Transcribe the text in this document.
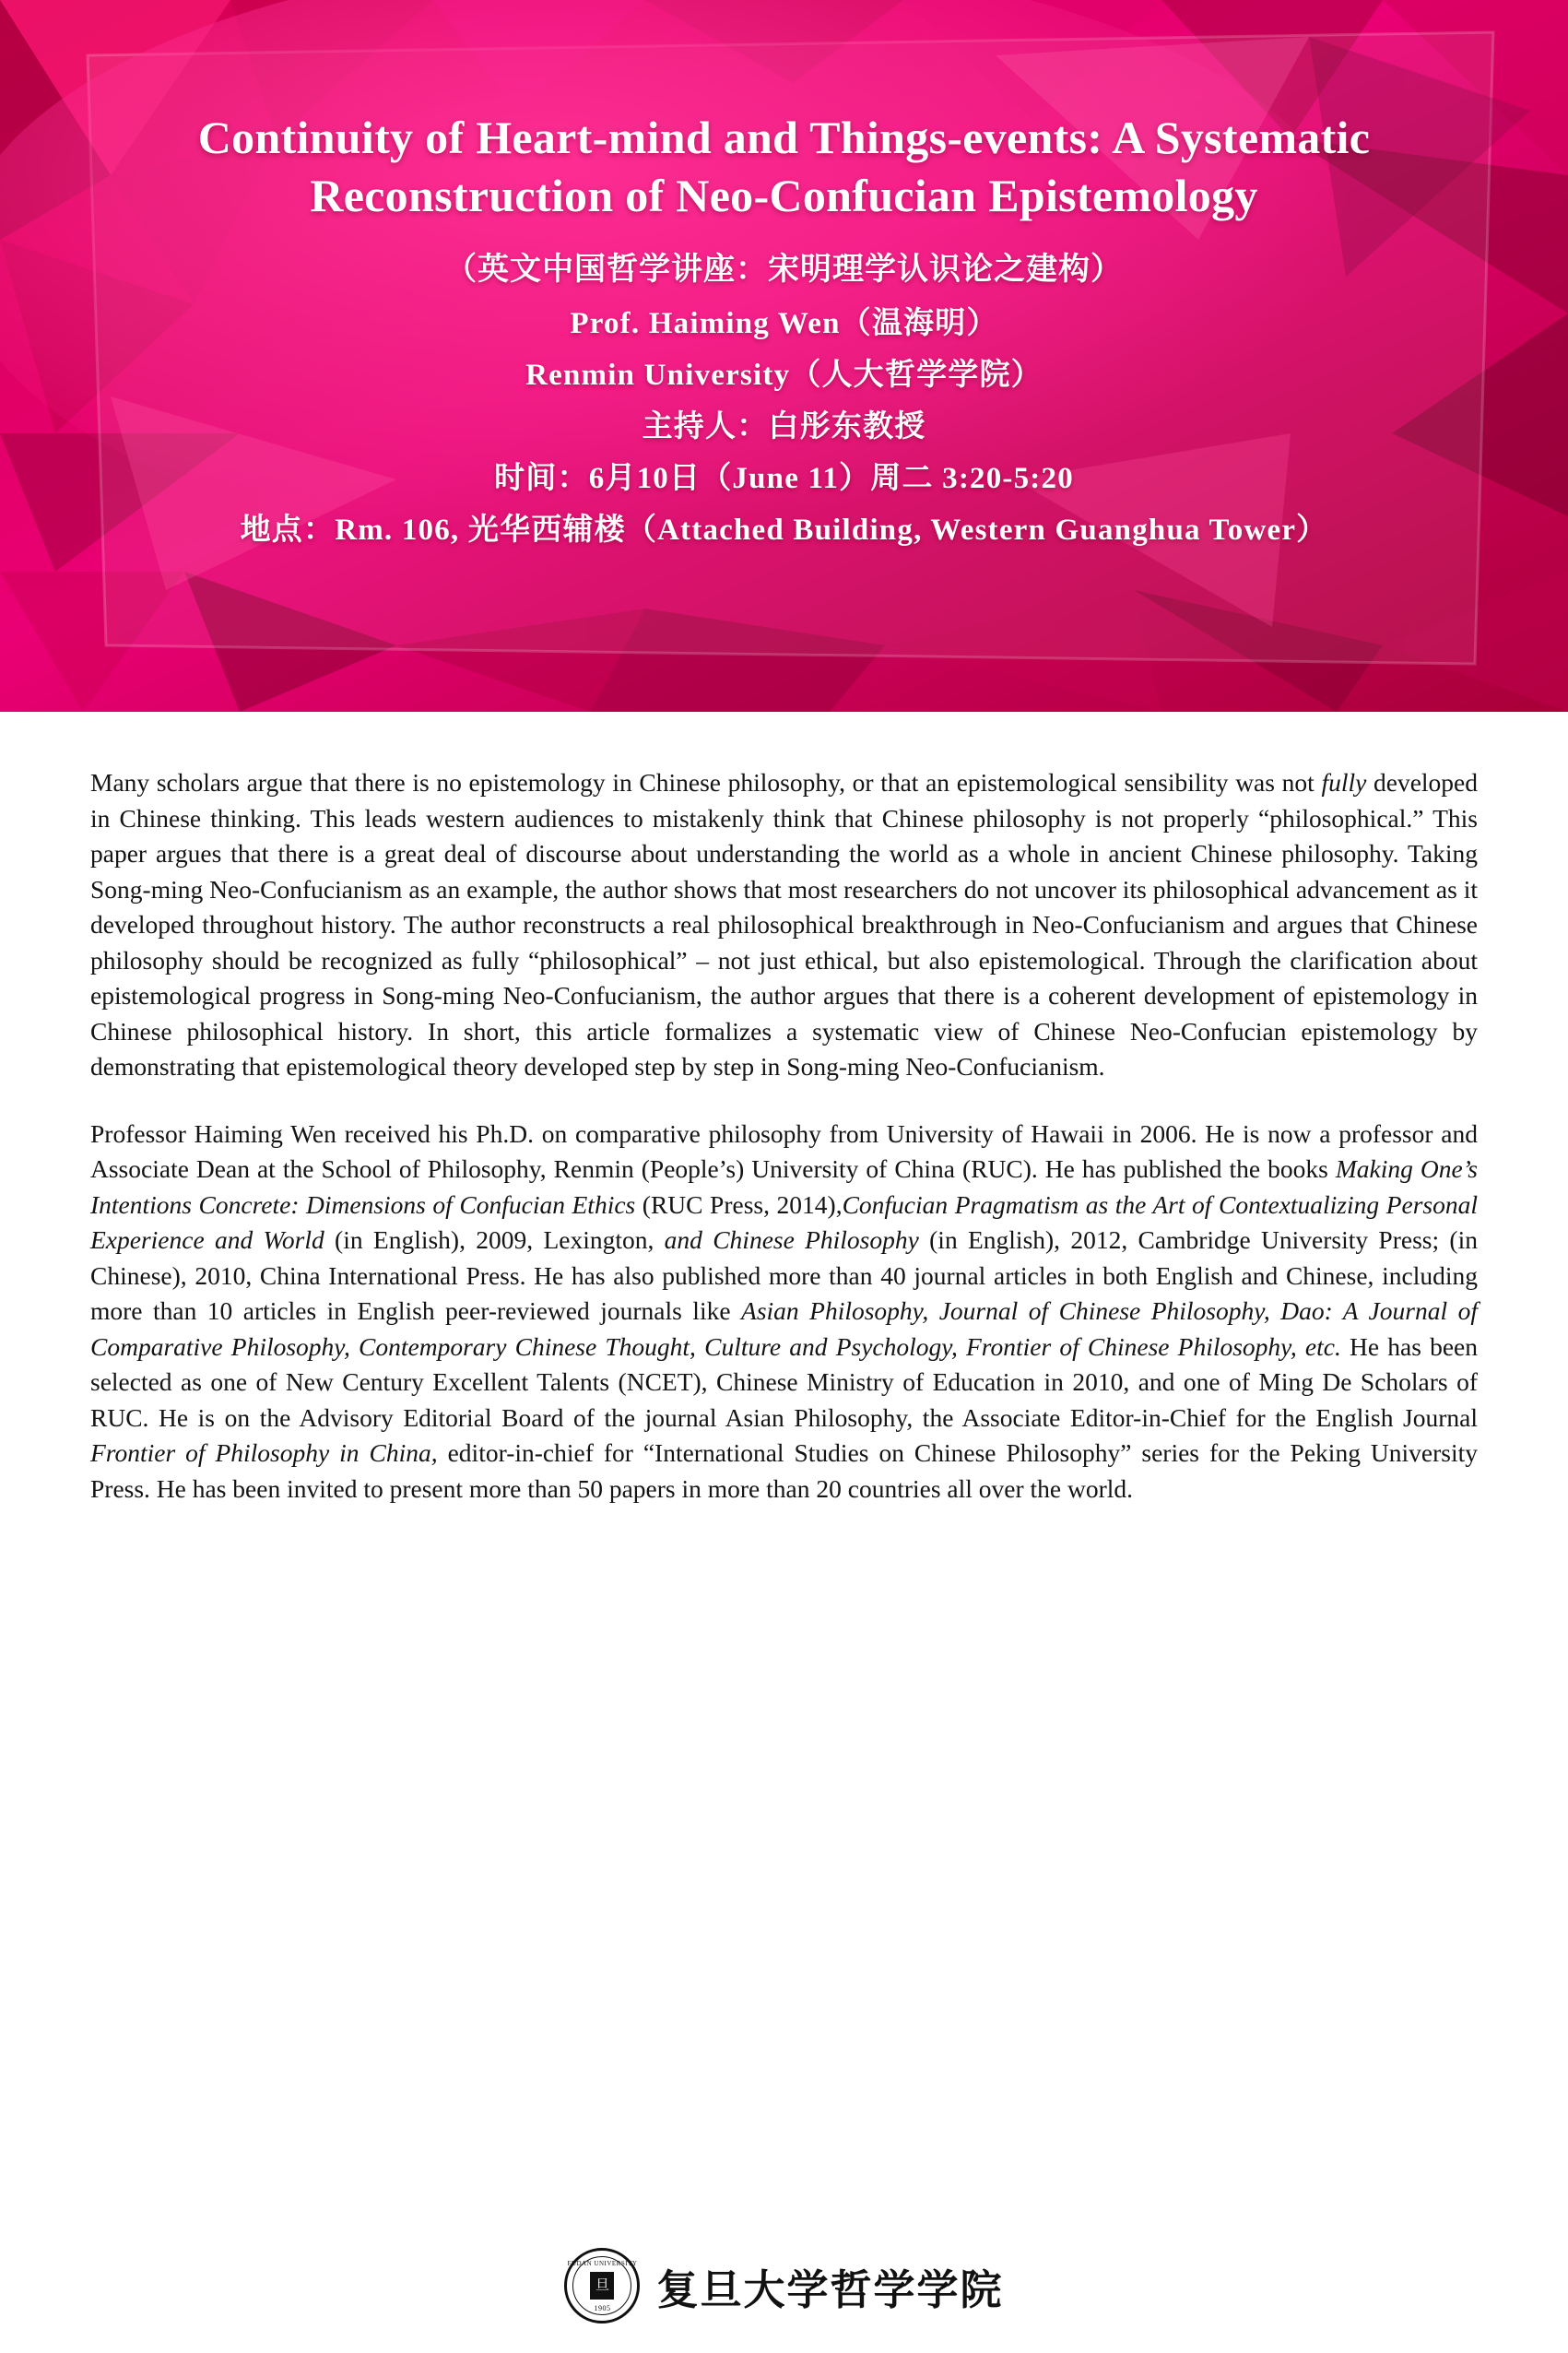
Continuity of Heart-mind and Things-events: A Systematic Reconstruction of Neo-Confucian Epistemology
（英文中国哲学讲座：宋明理学认识论之建构）
Prof. Haiming Wen（温海明）
Renmin University（人大哲学学院）
主持人：白彤东教授
时间：6月10日（June 11）周二 3:20-5:20
地点：Rm. 106, 光华西辅楼（Attached Building, Western Guanghua Tower）

Many scholars argue that there is no epistemology in Chinese philosophy, or that an epistemological sensibility was not fully developed in Chinese thinking. This leads western audiences to mistakenly think that Chinese philosophy is not properly “philosophical.” This paper argues that there is a great deal of discourse about understanding the world as a whole in ancient Chinese philosophy. Taking Song-ming Neo-Confucianism as an example, the author shows that most researchers do not uncover its philosophical advancement as it developed throughout history. The author reconstructs a real philosophical breakthrough in Neo-Confucianism and argues that Chinese philosophy should be recognized as fully “philosophical” – not just ethical, but also epistemological. Through the clarification about epistemological progress in Song-ming Neo-Confucianism, the author argues that there is a coherent development of epistemology in Chinese philosophical history. In short, this article formalizes a systematic view of Chinese Neo-Confucian epistemology by demonstrating that epistemological theory developed step by step in Song-ming Neo-Confucianism.

Professor Haiming Wen received his Ph.D. on comparative philosophy from University of Hawaii in 2006. He is now a professor and Associate Dean at the School of Philosophy, Renmin (People’s) University of China (RUC). He has published the books Making One’s Intentions Concrete: Dimensions of Confucian Ethics (RUC Press, 2014),Confucian Pragmatism as the Art of Contextualizing Personal Experience and World (in English), 2009, Lexington, and Chinese Philosophy (in English), 2012, Cambridge University Press; (in Chinese), 2010, China International Press. He has also published more than 40 journal articles in both English and Chinese, including more than 10 articles in English peer-reviewed journals like Asian Philosophy, Journal of Chinese Philosophy, Dao: A Journal of Comparative Philosophy, Contemporary Chinese Thought, Culture and Psychology, Frontier of Chinese Philosophy, etc. He has been selected as one of New Century Excellent Talents (NCET), Chinese Ministry of Education in 2010, and one of Ming De Scholars of RUC. He is on the Advisory Editorial Board of the journal Asian Philosophy, the Associate Editor-in-Chief for the English Journal Frontier of Philosophy in China, editor-in-chief for “International Studies on Chinese Philosophy” series for the Peking University Press. He has been invited to present more than 50 papers in more than 20 countries all over the world.

FUDAN UNIVERSITY
旦
1905	复旦大学哲学学院
